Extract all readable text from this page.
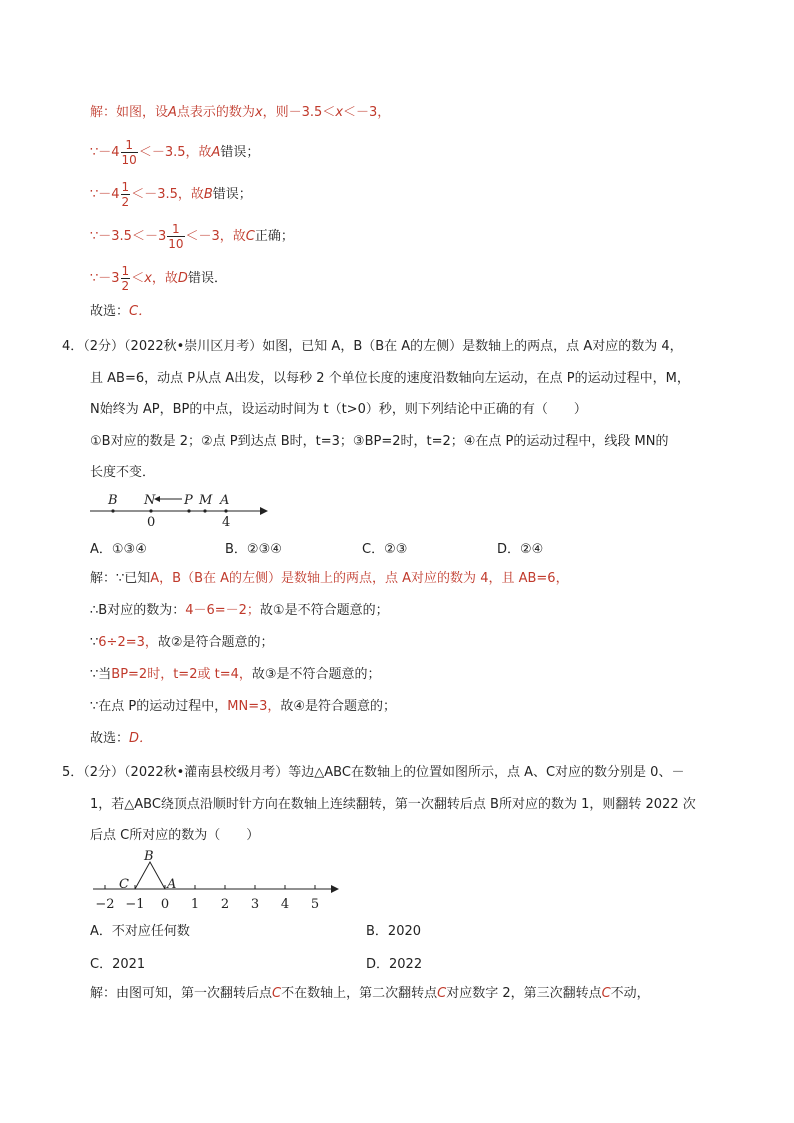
解：如图，设A点表示的数为x，则－3.5＜x＜－3，
∵－4 $\frac{1}{10} <-3.5$，故A错误；
∵－4 $\frac{1}{2} <-3.5$，故B错误；
∵－3.5＜－3 $\frac{1}{10} <-3$，故C正确；
∵－3 $\frac{1}{2} <x$，故D错误．
故选：C．
4．（2分）（2022秋•崇川区月考）如图，已知 A，B（B在 A的左侧）是数轴上的两点，点 A对应的数为 4，
且 AB=6，动点 P从点 A出发，以每秒 2 个单位长度的速度沿数轴向左运动，在点 P的运动过程中，M，
N始终为 AP，BP的中点，设运动时间为 t（t>0）秒，则下列结论中正确的有（　　）
①B对应的数是 2；②点 P到达点 B时，t=3；③BP=2时，t=2；④在点 P的运动过程中，线段 MN的
长度不变．
B N P M A
0	4
A．①③④	B．②③④	C．②③	D．②④
解：∵已知A，B（B在 A的左侧）是数轴上的两点，点 A对应的数为 4，且 AB=6，
∴B对应的数为：4－6=－2；故①是不符合题意的；
∵6÷2=3，故②是符合题意的；
∵当BP=2时，t=2或 t=4，故③是不符合题意的；
∵在点 P的运动过程中，MN=3，故④是符合题意的；
故选：D．
5．（2分）（2022秋•灌南县校级月考）等边△ABC在数轴上的位置如图所示，点 A、C对应的数分别是 0、－
1，若△ABC绕顶点沿顺时针方向在数轴上连续翻转，第一次翻转后点 B所对应的数为 1，则翻转 2022 次
后点 C所对应的数为（　　）
B
C	A
−2 −1 0 1 2 3 4 5
A．不对应任何数	B．2020
C．2021	D．2022
解：由图可知，第一次翻转后点C不在数轴上，第二次翻转点C对应数字 2，第三次翻转点C不动，
